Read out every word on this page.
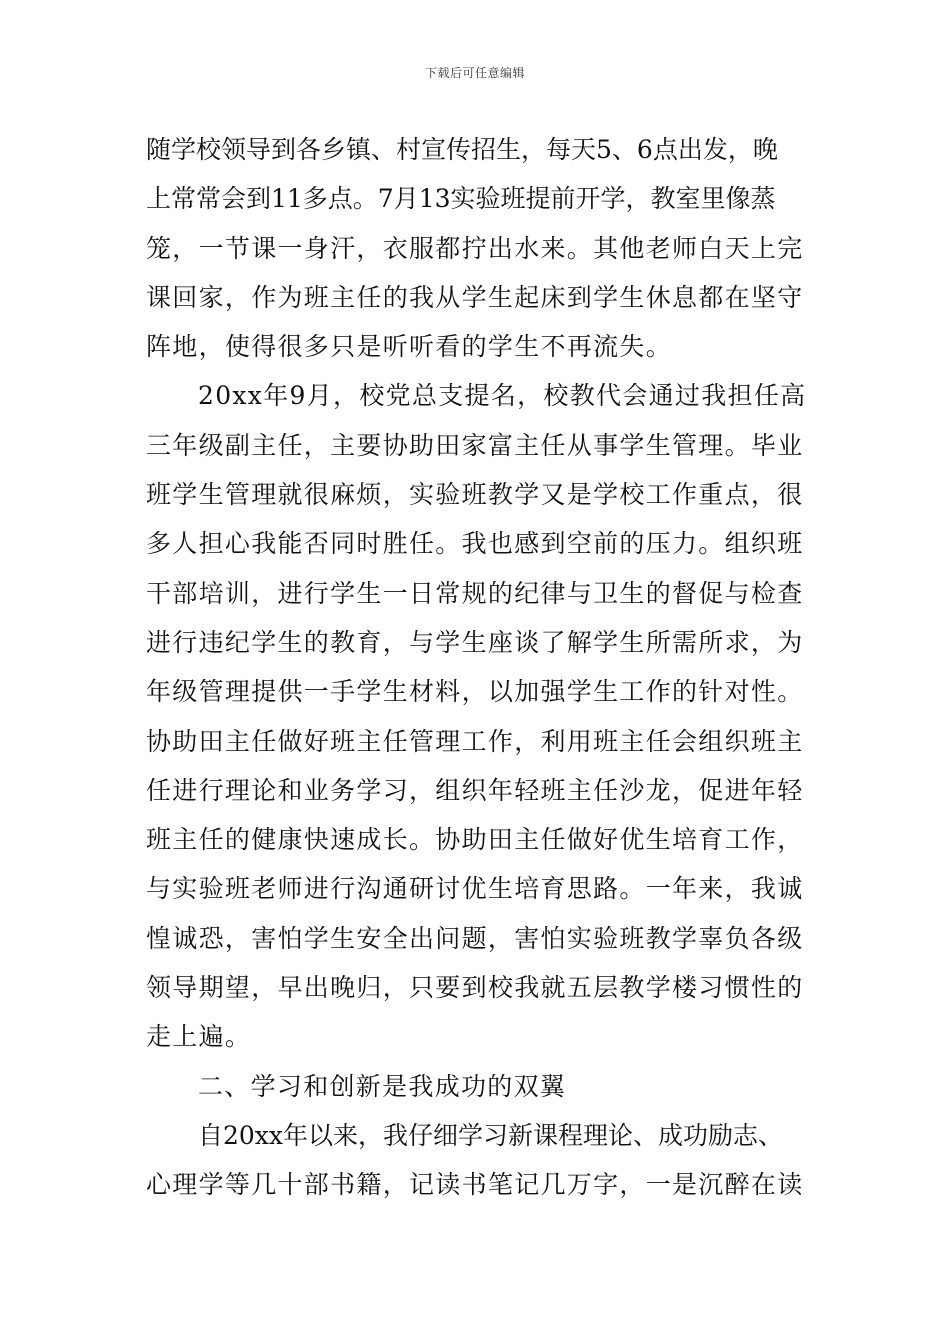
下载后可任意编辑
随学校领导到各乡镇、村宣传招生，每天5、6点出发，晚
上常常会到11多点。7月13实验班提前开学，教室里像蒸
笼，一节课一身汗，衣服都拧出水来。其他老师白天上完
课回家，作为班主任的我从学生起床到学生休息都在坚守
阵地，使得很多只是听听看的学生不再流失。
20xx年9月，校党总支提名，校教代会通过我担任高
三年级副主任，主要协助田家富主任从事学生管理。毕业
班学生管理就很麻烦，实验班教学又是学校工作重点，很
多人担心我能否同时胜任。我也感到空前的压力。组织班
干部培训，进行学生一日常规的纪律与卫生的督促与检查
进行违纪学生的教育，与学生座谈了解学生所需所求，为
年级管理提供一手学生材料，以加强学生工作的针对性。
协助田主任做好班主任管理工作，利用班主任会组织班主
任进行理论和业务学习，组织年轻班主任沙龙，促进年轻
班主任的健康快速成长。协助田主任做好优生培育工作，
与实验班老师进行沟通研讨优生培育思路。一年来，我诚
惶诚恐，害怕学生安全出问题，害怕实验班教学辜负各级
领导期望，早出晚归，只要到校我就五层教学楼习惯性的
走上遍。
二、学习和创新是我成功的双翼
自20xx年以来，我仔细学习新课程理论、成功励志、
心理学等几十部书籍，记读书笔记几万字，一是沉醉在读
